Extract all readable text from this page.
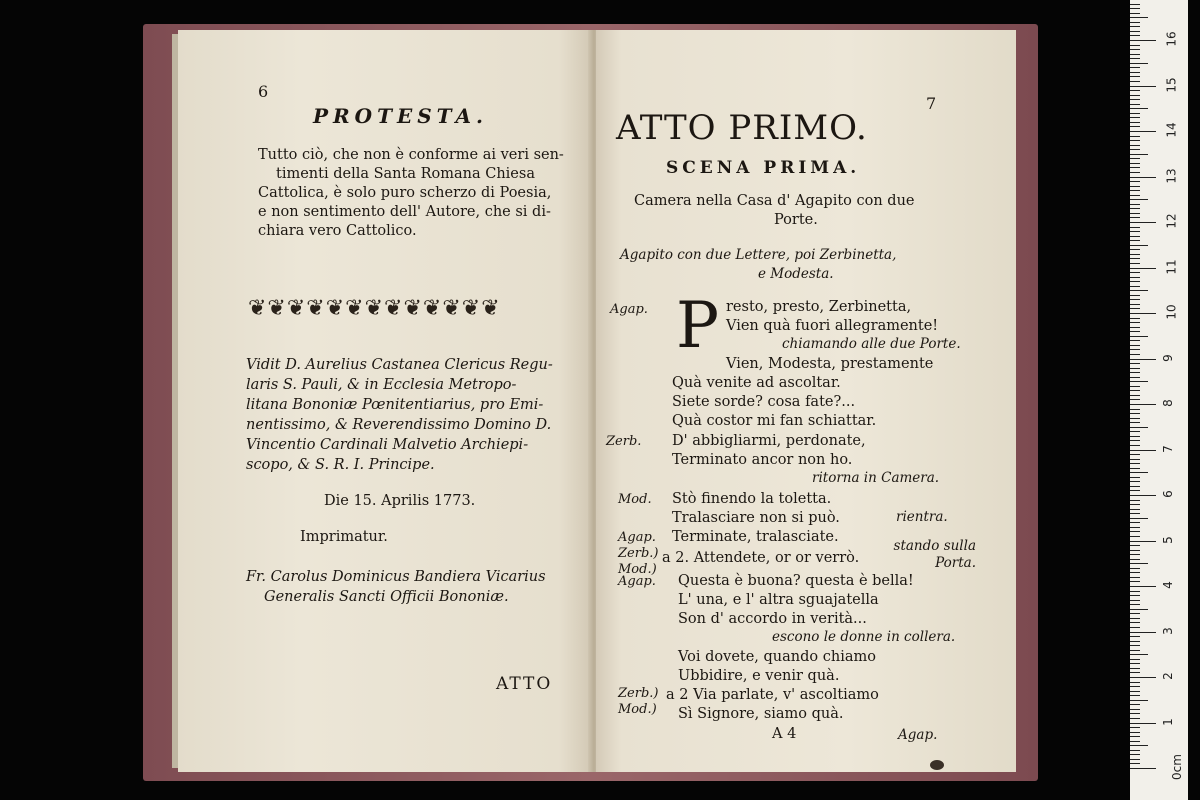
6
PROTESTA.
Tutto ciò, che non è conforme ai veri sen-
timenti della Santa Romana Chiesa
Cattolica, è solo puro scherzo di Poesia,
e non sentimento dell' Autore, che si di-
chiara vero Cattolico.
❦❦❦❦❦❦❦❦❦❦❦❦❦
Vidit D. Aurelius Castanea Clericus Regu-
laris S. Pauli, & in Ecclesia Metropo-
litana Bononiæ Pœnitentiarius, pro Emi-
nentissimo, & Reverendissimo Domino D.
Vincentio Cardinali Malvetio Archiepi-
scopo, & S. R. I. Principe.
Die 15. Aprilis 1773.
Imprimatur.
Fr. Carolus Dominicus Bandiera Vicarius
Generalis Sancti Officii Bononiæ.
ATTO
ATTO PRIMO.
7
SCENA PRIMA.
Camera nella Casa d' Agapito con due
Porte.
Agapito con due Lettere, poi Zerbinetta,
e Modesta.
Agap. P resto, presto, Zerbinetta,
Vien quà fuori allegramente!
chiamando alle due Porte.
Vien, Modesta, prestamente
Quà venite ad ascoltar.
Siete sorde? cosa fate?...
Quà costor mi fan schiattar.
Zerb. D' abbigliarmi, perdonate,
Terminato ancor non ho.
ritorna in Camera.
Mod. Stò finendo la toletta.
Tralasciare non si può.	rientra.
Agap. Terminate, tralasciate.
Zerb.) Mod.)
a 2. Attendete, or or verrò.
stando sulla Porta.
Agap. Questa è buona? questa è bella!
L' una, e l' altra sguajatella
Son d' accordo in verità...
escono le donne in collera.
Voi dovete, quando chiamo
Ubbidire, e venir quà.
Zerb.) Mod.)
a 2 Via parlate, v' ascoltiamo
Sì Signore, siamo quà.
A 4	Agap.
0cm
1
2
3
4
5
6
7
8
9
10
11
12
13
14
15
16
